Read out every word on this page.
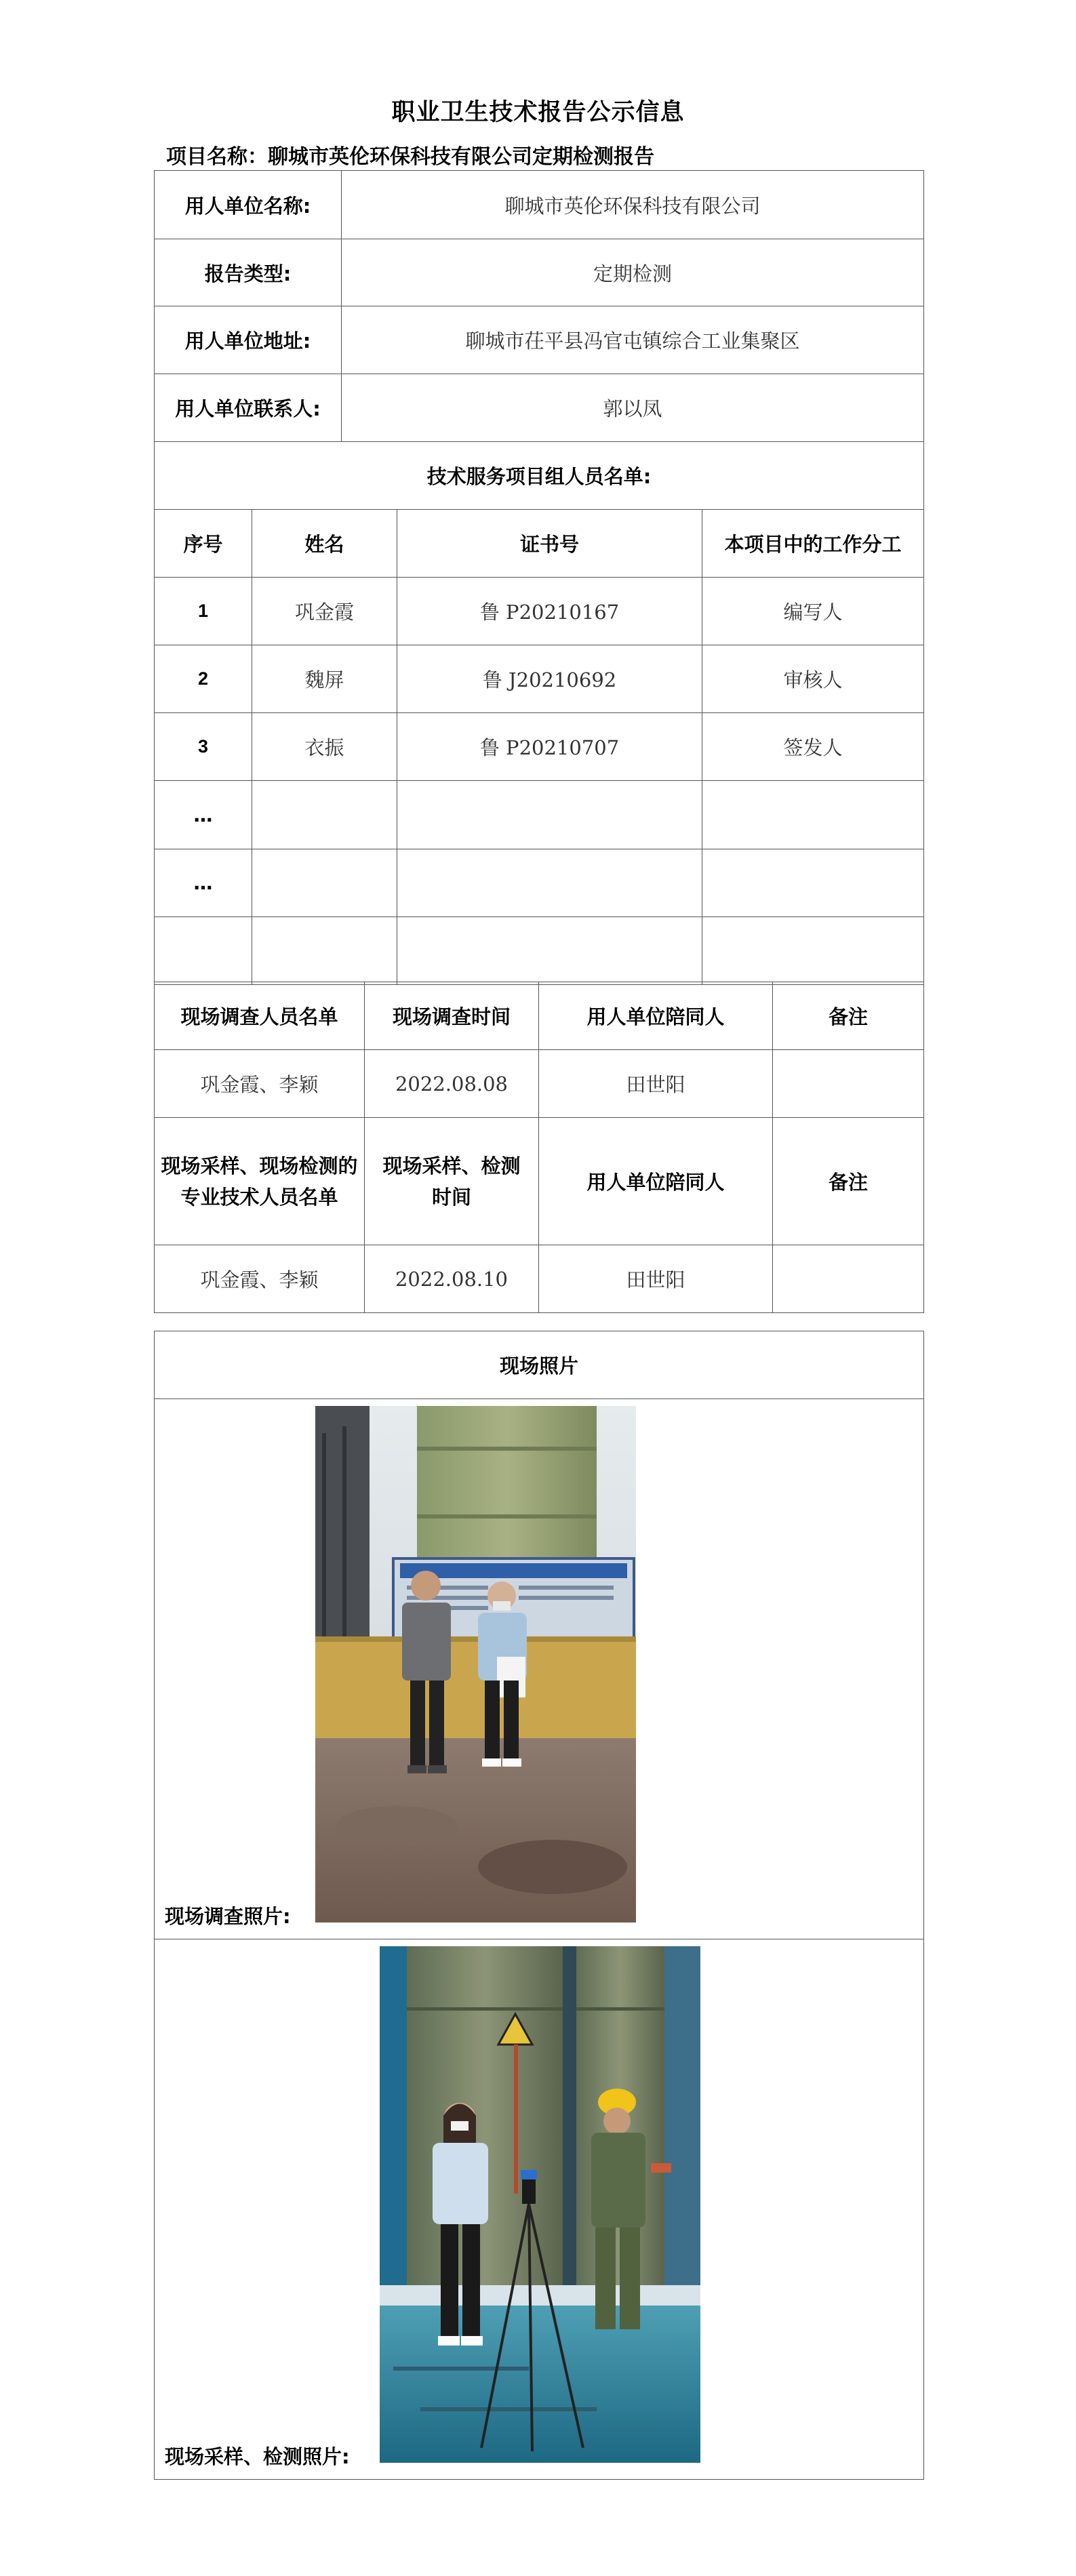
职业卫生技术报告公示信息
项目名称：聊城市英伦环保科技有限公司定期检测报告
用人单位名称:		聊城市英伦环保科技有限公司		
报告类型:		定期检测		
用人单位地址:		聊城市茌平县冯官屯镇综合工业集聚区		
用人单位联系人:		郭以凤		
技术服务项目组人员名单:				
序号	姓名		证书号	本项目中的工作分工
1	巩金霞		鲁 P20210167	编写人
2	魏屏		鲁 J20210692	审核人
3	衣振		鲁 P20210707	签发人
…				
…				

现场调查人员名单	现场调查时间	用人单位陪同人	备注
巩金霞、李颖	2022.08.08	田世阳	
现场采样、现场检测的专业技术人员名单	现场采样、检测时间	用人单位陪同人	备注
巩金霞、李颖	2022.08.10	田世阳	
现场照片

现场调查照片:

现场采样、检测照片:
